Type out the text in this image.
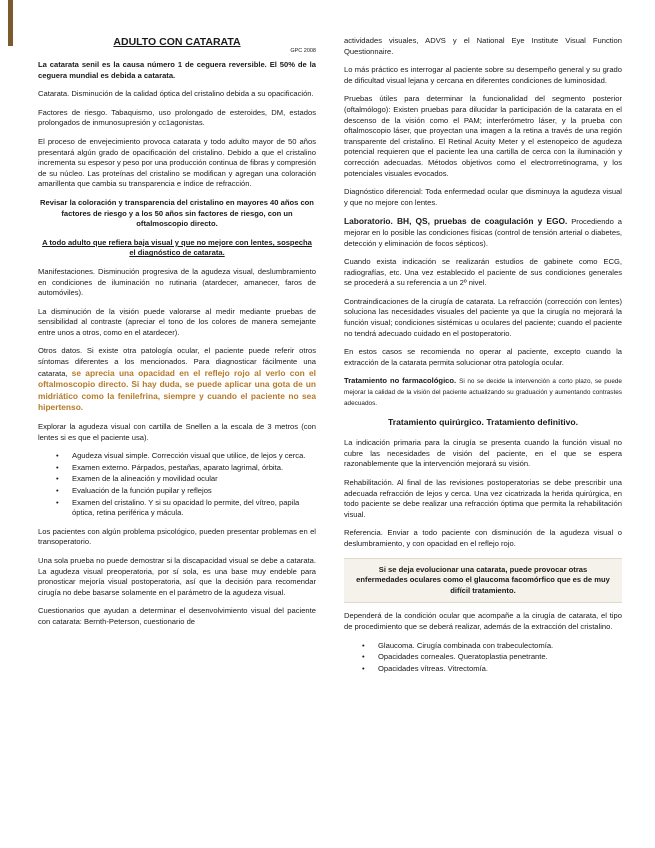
ADULTO CON CATARATA
GPC 2008

La catarata senil es la causa número 1 de ceguera reversible. El 50% de la ceguera mundial es debida a catarata.

Catarata. Disminución de la calidad óptica del cristalino debida a su opacificación.

Factores de riesgo. Tabaquismo, uso prolongado de esteroides, DM, estados prolongados de inmunosupresión y cc1agonistas.

El proceso de envejecimiento provoca catarata y todo adulto mayor de 50 años presentará algún grado de opacificación del cristalino. Debido a que el cristalino incrementa su espesor y peso por una producción continua de fibras y compresión de su núcleo. Las proteínas del cristalino se modifican y agregan una coloración amarillenta que cambia su transparencia e índice de refracción.

Revisar la coloración y transparencia del cristalino en mayores 40 años con factores de riesgo y a los 50 años sin factores de riesgo, con un oftalmoscopio directo.

A todo adulto que refiera baja visual y que no mejore con lentes, sospecha el diagnóstico de catarata.

Manifestaciones. Disminución progresiva de la agudeza visual, deslumbramiento en condiciones de iluminación no rutinaria (atardecer, amanecer, faros de automóviles).

La disminución de la visión puede valorarse al medir mediante pruebas de sensibilidad al contraste (apreciar el tono de los colores de manera semejante entre unos a otros, como en el atardecer).

Otros datos. Si existe otra patología ocular, el paciente puede referir otros síntomas diferentes a los mencionados. Para diagnosticar fácilmente una catarata, se aprecia una opacidad en el reflejo rojo al verlo con el oftalmoscopio directo. Si hay duda, se puede aplicar una gota de un midriático como la fenilefrina, siempre y cuando el paciente no sea hipertenso.

Explorar la agudeza visual con cartilla de Snellen a la escala de 3 metros (con lentes si es que el paciente usa).

• Agudeza visual simple. Corrección visual que utilice, de lejos y cerca.
• Examen externo. Párpados, pestañas, aparato lagrimal, órbita.
• Examen de la alineación y movilidad ocular
• Evaluación de la función pupilar y reflejos
• Examen del cristalino. Y si su opacidad lo permite, del vítreo, papila óptica, retina periférica y mácula.

Los pacientes con algún problema psicológico, pueden presentar problemas en el transoperatorio.

Una sola prueba no puede demostrar si la discapacidad visual se debe a catarata. La agudeza visual preoperatoria, por sí sola, es una base muy endeble para pronosticar mejoría visual postoperatoria, así que la decisión para recomendar cirugía no debe basarse solamente en el parámetro de la agudeza visual.

Cuestionarios que ayudan a determinar el desenvolvimiento visual del paciente con catarata: Bernth-Peterson, cuestionario de

actividades visuales, ADVS y el National Eye Institute Visual Function Questionnaire.

Lo más práctico es interrogar al paciente sobre su desempeño general y su grado de dificultad visual lejana y cercana en diferentes condiciones de luminosidad.

Pruebas útiles para determinar la funcionalidad del segmento posterior (oftalmólogo): Existen pruebas para dilucidar la participación de la catarata en el descenso de la visión como el PAM; interferómetro láser, y la prueba con oftalmoscopio láser, que proyectan una imagen a la retina a través de una región transparente del cristalino. El Retinal Acuity Meter y el estenopeico de agudeza potencial requieren que el paciente lea una cartilla de cerca con la iluminación y corrección adecuadas. Métodos objetivos como el electrorretinograma, y los potenciales visuales evocados.

Diagnóstico diferencial: Toda enfermedad ocular que disminuya la agudeza visual y que no mejore con lentes.

Laboratorio. BH, QS, pruebas de coagulación y EGO. Procediendo a mejorar en lo posible las condiciones físicas (control de tensión arterial o diabetes, detección y eliminación de focos sépticos).

Cuando exista indicación se realizarán estudios de gabinete como ECG, radiografías, etc. Una vez establecido el paciente de sus condiciones generales se procederá a su referencia a un 2º nivel.

Contraindicaciones de la cirugía de catarata. La refracción (corrección con lentes) soluciona las necesidades visuales del paciente ya que la cirugía no mejorará la función visual; condiciones sistémicas u oculares del paciente; cuando el paciente no tendrá adecuado cuidado en el postoperatorio.

En estos casos se recomienda no operar al paciente, excepto cuando la extracción de la catarata permita solucionar otra patología ocular.

Tratamiento no farmacológico. Si no se decide la intervención a corto plazo, se puede mejorar la calidad de la visión del paciente actualizando su graduación y aumentando contrastes adecuados.

Tratamiento quirúrgico. Tratamiento definitivo.

La indicación primaria para la cirugía se presenta cuando la función visual no cubre las necesidades de visión del paciente, en el que se espera razonablemente que la intervención mejorará su visión.

Rehabilitación. Al final de las revisiones postoperatorias se debe prescribir una adecuada refracción de lejos y cerca. Una vez cicatrizada la herida quirúrgica, en todo paciente se debe realizar una refracción óptima que permita la rehabilitación visual.

Referencia. Enviar a todo paciente con disminución de la agudeza visual o deslumbramiento, y con opacidad en el reflejo rojo.

Si se deja evolucionar una catarata, puede provocar otras enfermedades oculares como el glaucoma facomórfico que es de muy difícil tratamiento.

Dependerá de la condición ocular que acompañe a la cirugía de catarata, el tipo de procedimiento que se deberá realizar, además de la extracción del cristalino.

• Glaucoma. Cirugía combinada con trabeculectomía.
• Opacidades corneales. Queratoplastia penetrante.
• Opacidades vítreas. Vitrectomía.
